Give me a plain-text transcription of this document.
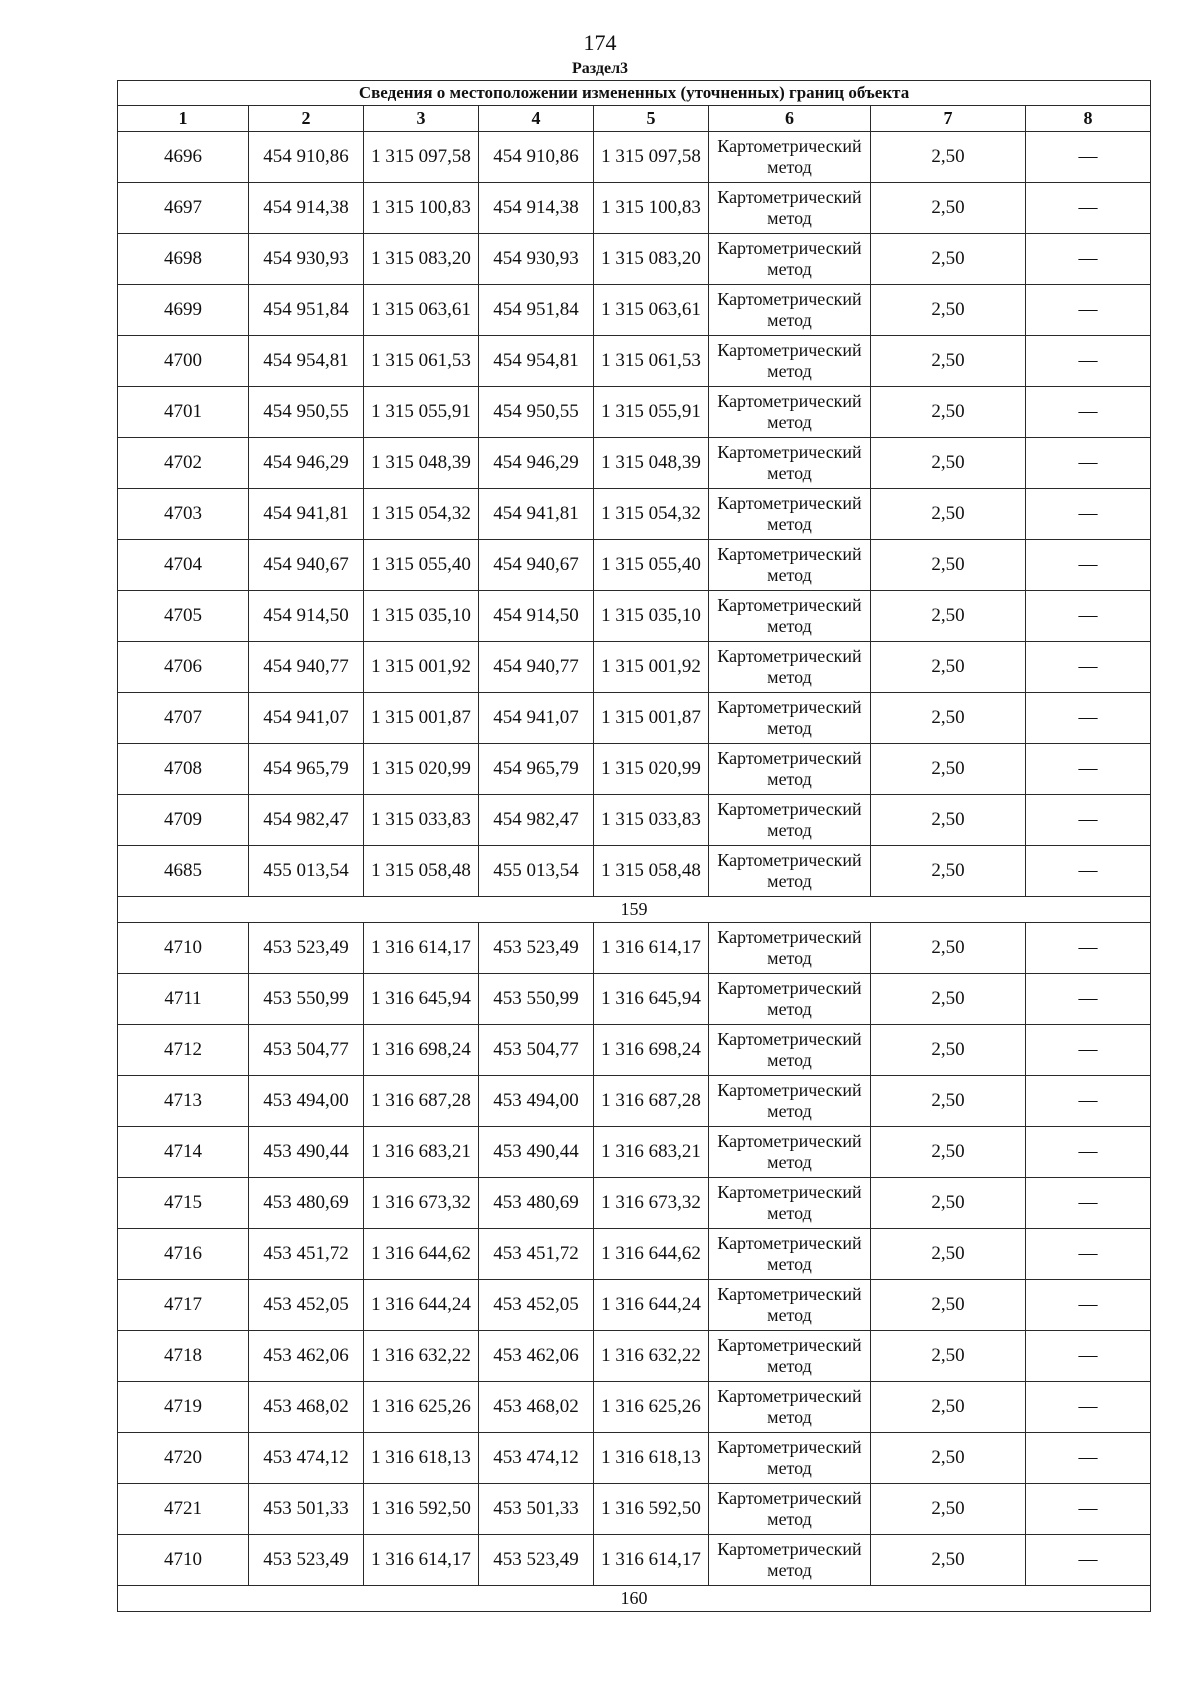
174
Раздел3
Сведения о местоположении измененных (уточненных) границ объекта							
1	2	3	4	5	6	7	8
4696	454 910,86	1 315 097,58	454 910,86	1 315 097,58	Картометрический метод	2,50	—
4697	454 914,38	1 315 100,83	454 914,38	1 315 100,83	Картометрический метод	2,50	—
4698	454 930,93	1 315 083,20	454 930,93	1 315 083,20	Картометрический метод	2,50	—
4699	454 951,84	1 315 063,61	454 951,84	1 315 063,61	Картометрический метод	2,50	—
4700	454 954,81	1 315 061,53	454 954,81	1 315 061,53	Картометрический метод	2,50	—
4701	454 950,55	1 315 055,91	454 950,55	1 315 055,91	Картометрический метод	2,50	—
4702	454 946,29	1 315 048,39	454 946,29	1 315 048,39	Картометрический метод	2,50	—
4703	454 941,81	1 315 054,32	454 941,81	1 315 054,32	Картометрический метод	2,50	—
4704	454 940,67	1 315 055,40	454 940,67	1 315 055,40	Картометрический метод	2,50	—
4705	454 914,50	1 315 035,10	454 914,50	1 315 035,10	Картометрический метод	2,50	—
4706	454 940,77	1 315 001,92	454 940,77	1 315 001,92	Картометрический метод	2,50	—
4707	454 941,07	1 315 001,87	454 941,07	1 315 001,87	Картометрический метод	2,50	—
4708	454 965,79	1 315 020,99	454 965,79	1 315 020,99	Картометрический метод	2,50	—
4709	454 982,47	1 315 033,83	454 982,47	1 315 033,83	Картометрический метод	2,50	—
4685	455 013,54	1 315 058,48	455 013,54	1 315 058,48	Картометрический метод	2,50	—
159							
4710	453 523,49	1 316 614,17	453 523,49	1 316 614,17	Картометрический метод	2,50	—
4711	453 550,99	1 316 645,94	453 550,99	1 316 645,94	Картометрический метод	2,50	—
4712	453 504,77	1 316 698,24	453 504,77	1 316 698,24	Картометрический метод	2,50	—
4713	453 494,00	1 316 687,28	453 494,00	1 316 687,28	Картометрический метод	2,50	—
4714	453 490,44	1 316 683,21	453 490,44	1 316 683,21	Картометрический метод	2,50	—
4715	453 480,69	1 316 673,32	453 480,69	1 316 673,32	Картометрический метод	2,50	—
4716	453 451,72	1 316 644,62	453 451,72	1 316 644,62	Картометрический метод	2,50	—
4717	453 452,05	1 316 644,24	453 452,05	1 316 644,24	Картометрический метод	2,50	—
4718	453 462,06	1 316 632,22	453 462,06	1 316 632,22	Картометрический метод	2,50	—
4719	453 468,02	1 316 625,26	453 468,02	1 316 625,26	Картометрический метод	2,50	—
4720	453 474,12	1 316 618,13	453 474,12	1 316 618,13	Картометрический метод	2,50	—
4721	453 501,33	1 316 592,50	453 501,33	1 316 592,50	Картометрический метод	2,50	—
4710	453 523,49	1 316 614,17	453 523,49	1 316 614,17	Картометрический метод	2,50	—
160							
